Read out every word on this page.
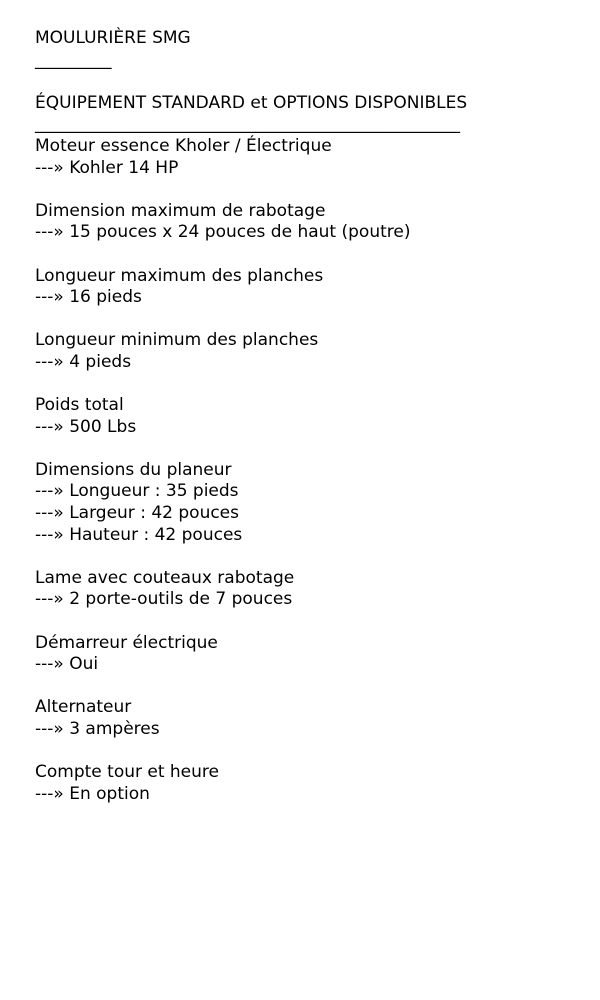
MOULURIÈRE SMG
_________
ÉQUIPEMENT STANDARD et OPTIONS DISPONIBLES
__________________________________________________
Moteur essence Kholer / Électrique
---» Kohler 14 HP
Dimension maximum de rabotage
---» 15 pouces x 24 pouces de haut (poutre)
Longueur maximum des planches
---» 16 pieds
Longueur minimum des planches
---» 4 pieds
Poids total
---» 500 Lbs
Dimensions du planeur
---» Longueur : 35 pieds
---» Largeur : 42 pouces
---» Hauteur : 42 pouces
Lame avec couteaux rabotage
---» 2 porte-outils de 7 pouces
Démarreur électrique
---» Oui
Alternateur
---» 3 ampères
Compte tour et heure
---» En option
